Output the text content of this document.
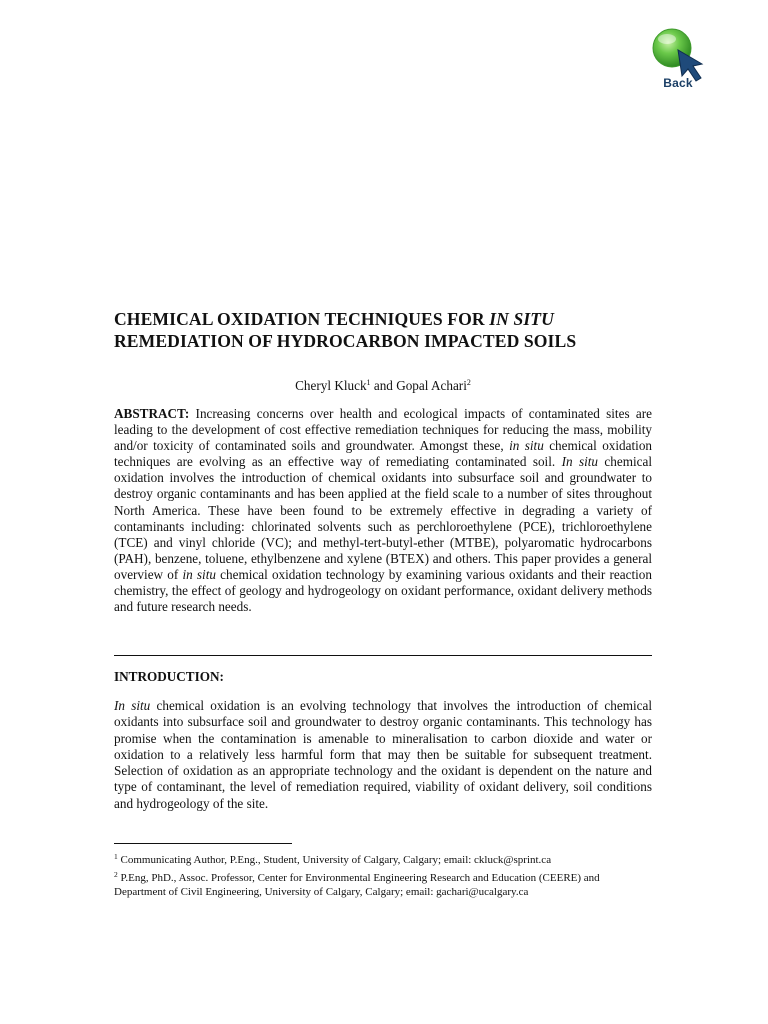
Back
CHEMICAL OXIDATION TECHNIQUES FOR IN SITU
REMEDIATION OF HYDROCARBON IMPACTED SOILS
Cheryl Kluck$^1$ and Gopal Achari$^2$
ABSTRACT: Increasing concerns over health and ecological impacts of contaminated sites are leading to the development of cost effective remediation techniques for reducing the mass, mobility and/or toxicity of contaminated soils and groundwater. Amongst these, in situ chemical oxidation techniques are evolving as an effective way of remediating contaminated soil. In situ chemical oxidation involves the introduction of chemical oxidants into subsurface soil and groundwater to destroy organic contaminants and has been applied at the field scale to a number of sites throughout North America. These have been found to be extremely effective in degrading a variety of contaminants including: chlorinated solvents such as perchloroethylene (PCE), trichloroethylene (TCE) and vinyl chloride (VC); and methyl-tert-butyl-ether (MTBE), polyaromatic hydrocarbons (PAH), benzene, toluene, ethylbenzene and xylene (BTEX) and others. This paper provides a general overview of in situ chemical oxidation technology by examining various oxidants and their reaction chemistry, the effect of geology and hydrogeology on oxidant performance, oxidant delivery methods and future research needs.
INTRODUCTION:
In situ chemical oxidation is an evolving technology that involves the introduction of chemical oxidants into subsurface soil and groundwater to destroy organic contaminants. This technology has promise when the contamination is amenable to mineralisation to carbon dioxide and water or oxidation to a relatively less harmful form that may then be suitable for subsequent treatment. Selection of oxidation as an appropriate technology and the oxidant is dependent on the nature and type of contaminant, the level of remediation required, viability of oxidant delivery, soil conditions and hydrogeology of the site.

$^1$ Communicating Author, P.Eng., Student, University of Calgary, Calgary; email: ckluck@sprint.ca

$^2$ P.Eng, PhD., Assoc. Professor, Center for Environmental Engineering Research and Education (CEERE) and Department of Civil Engineering, University of Calgary, Calgary; email: gachari@ucalgary.ca
